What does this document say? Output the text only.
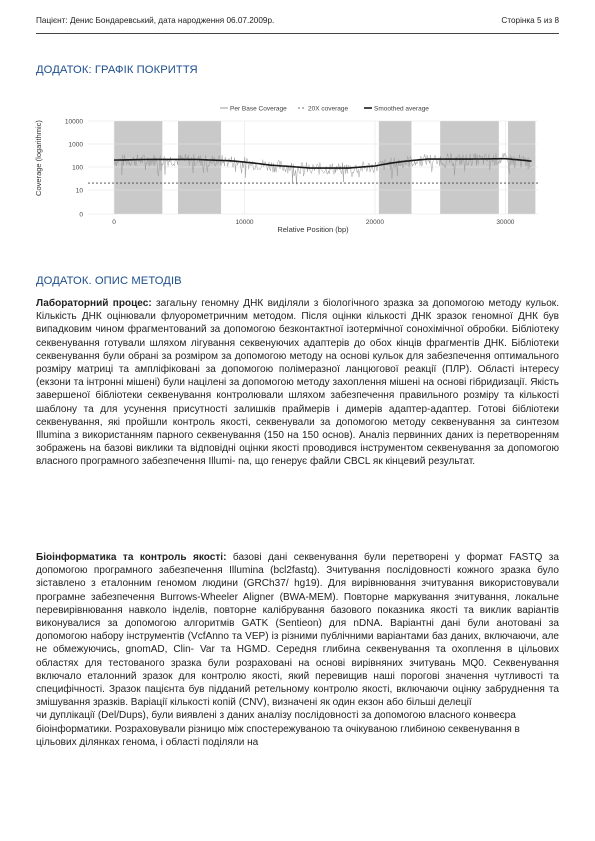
Пацієнт: Денис Бондаревський, дата народження 06.07.2009р.	Сторінка 5 из 8
ДОДАТОК: ГРАФІК ПОКРИТТЯ
Per Base Coverage	20X coverage	Smoothed average
0
10
100
1000
10000
0	10000	20000	30000
Coverage (logarithmic)
Relative Position (bp)
ДОДАТОК. ОПИС МЕТОДІВ
Лабораторний процес: загальну геномну ДНК виділяли з біологічного зразка за допомогою методу кульок. Кількість ДНК оцінювали флуорометричним методом. Після оцінки кількості ДНК зразок геномної ДНК був випадковим чином фрагментований за допомогою безконтактної ізотермічної сонохімічної обробки. Бібліотеку секвенування готували шляхом лігування секвенуючих адаптерів до обох кінців фрагментів ДНК. Бібліотеки секвенування були обрані за розміром за допомогою методу на основі кульок для забезпечення оптимального розміру матриці та ампліфіковані за допомогою полімеразної ланцюгової реакції (ПЛР). Області інтересу (екзони та інтронні мішені) були націлені за допомогою методу захоплення мішені на основі гібридизації. Якість завершеної бібліотеки секвенування контролювали шляхом забезпечення правильного розміру та кількості шаблону та для усунення присутності залишків праймерів і димерів адаптер-адаптер. Готові бібліотеки секвенування, які пройшли контроль якості, секвенували за допомогою методу секвенування за синтезом Illumina з використанням парного секвенування (150 на 150 основ). Аналіз первинних даних із перетворенням зображень на базові виклики та відповідні оцінки якості проводився інструментом секвенування за допомогою власного програмного забезпечення Illumi- na, що генерує файли CBCL як кінцевий результат.
Біоінформатика та контроль якості: базові дані секвенування були перетворені у формат FASTQ за допомогою програмного забезпечення Illumina (bcl2fastq). Зчитування послідовності кожного зразка було зіставлено з еталонним геномом людини (GRCh37/ hg19). Для вирівнювання зчитування використовували програмне забезпечення Burrows-Wheeler Aligner (BWA-MEM). Повторне маркування зчитування, локальне перевирівнювання навколо інделів, повторне калібрування базового показника якості та виклик варіантів виконувалися за допомогою алгоритмів GATK (Sentieon) для nDNA. Варіантні дані були анотовані за допомогою набору інструментів (VcfAnno та VEP) із різними публічними варіантами баз даних, включаючи, але не обмежуючись, gnomAD, Clin- Var та HGMD. Середня глибина секвенування та охоплення в цільових областях для тестованого зразка були розраховані на основі вирівняних зчитувань MQ0. Секвенування включало еталонний зразок для контролю якості, який перевищив наші порогові значення чутливості та специфічності. Зразок пацієнта був підданий ретельному контролю якості, включаючи оцінку забруднення та змішування зразків. Варіації кількості копій (CNV), визначені як один екзон або більші делеції
чи дуплікації (Del/Dups), були виявлені з даних аналізу послідовності за допомогою власного конвеєра біоінформатики. Розраховували різницю між спостережуваною та очікуваною глибиною секвенування в цільових ділянках генома, і області поділяли на
